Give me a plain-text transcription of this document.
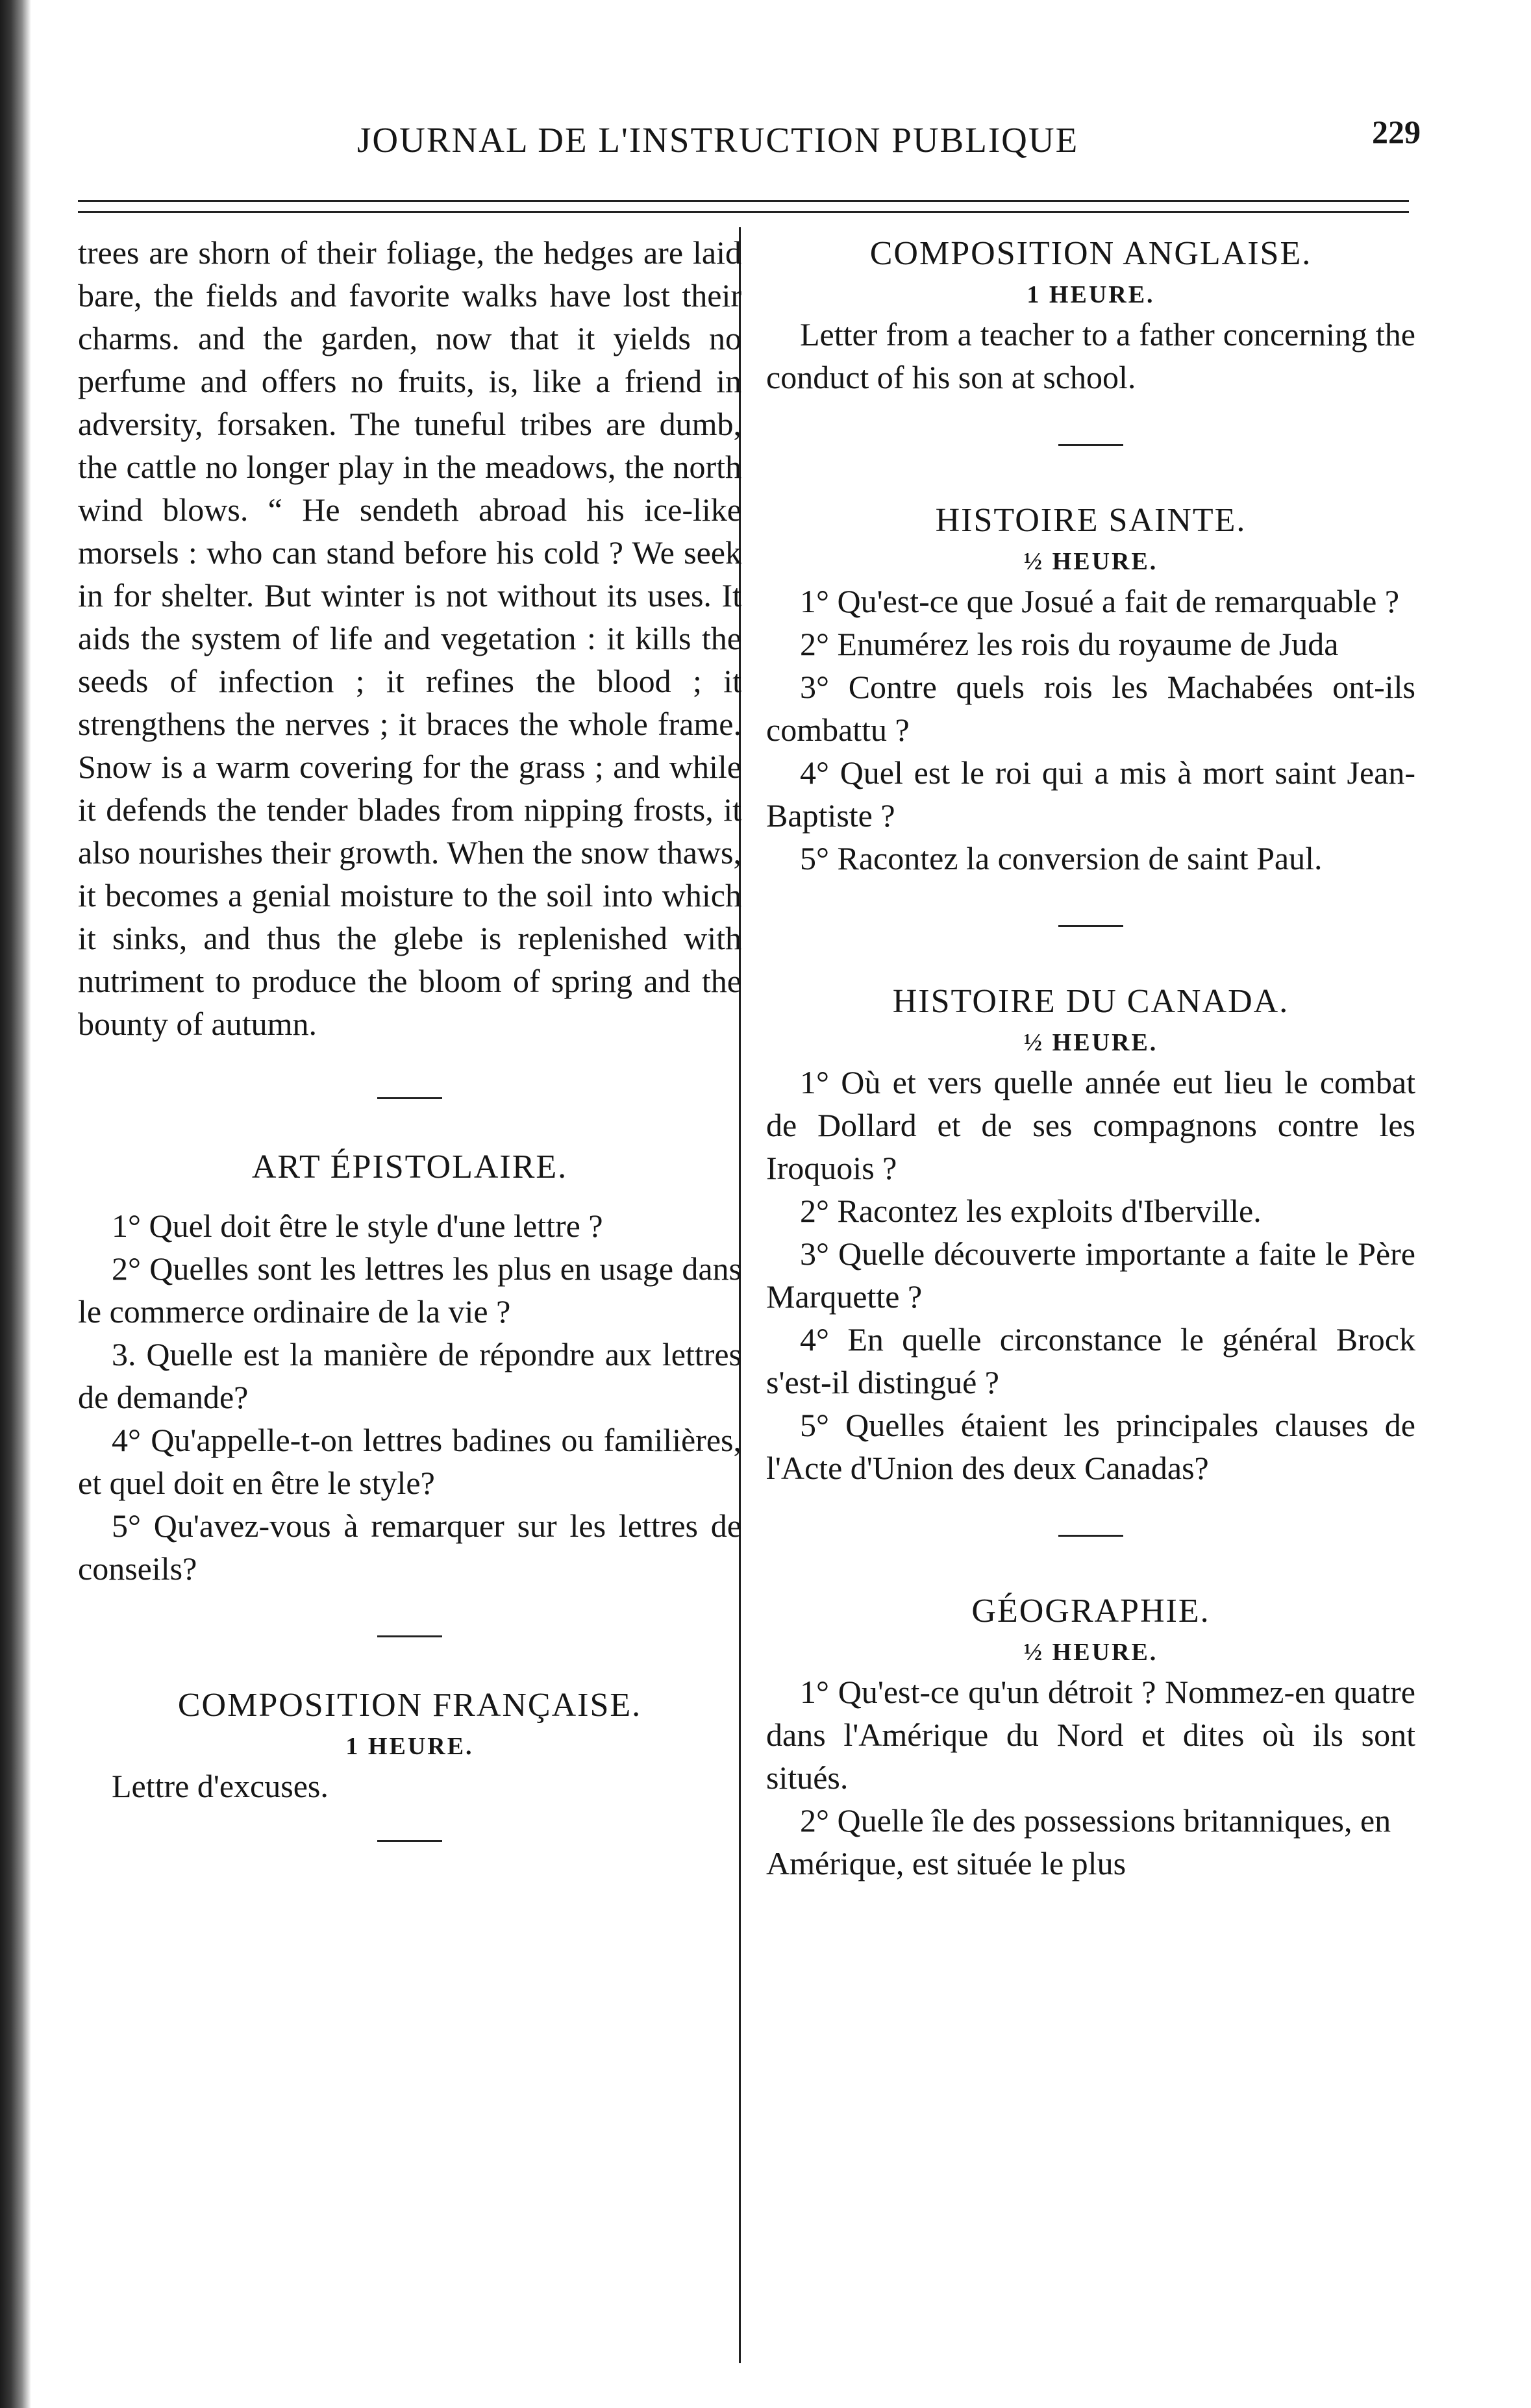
JOURNAL DE L'INSTRUCTION PUBLIQUE	229

trees are shorn of their foliage, the hedges are laid bare, the fields and favorite walks have lost their charms. and the garden, now that it yields no perfume and offers no fruits, is, like a friend in adversity, forsaken. The tuneful tribes are dumb, the cattle no longer play in the meadows, the north wind blows. “ He sendeth abroad his ice-like morsels : who can stand before his cold ? We seek in for shelter. But winter is not without its uses. It aids the system of life and vegetation : it kills the seeds of infection ; it refines the blood ; it strengthens the nerves ; it braces the whole frame. Snow is a warm covering for the grass ; and while it defends the tender blades from nipping frosts, it also nourishes their growth. When the snow thaws, it becomes a genial moisture to the soil into which it sinks, and thus the glebe is replenished with nutriment to produce the bloom of spring and the bounty of autumn.

ART ÉPISTOLAIRE.

1° Quel doit être le style d'une lettre ?

2° Quelles sont les lettres les plus en usage dans le commerce ordinaire de la vie ?

3. Quelle est la manière de répondre aux lettres de demande?

4° Qu'appelle-t-on lettres badines ou familières, et quel doit en être le style?

5° Qu'avez-vous à remarquer sur les lettres de conseils?

COMPOSITION FRANÇAISE.

1 HEURE.

Lettre d'excuses.

COMPOSITION ANGLAISE.

1 HEURE.

Letter from a teacher to a father concerning the conduct of his son at school.

HISTOIRE SAINTE.

½ HEURE.

1° Qu'est-ce que Josué a fait de remarquable ?

2° Enumérez les rois du royaume de Juda

3° Contre quels rois les Machabées ont-ils combattu ?

4° Quel est le roi qui a mis à mort saint Jean-Baptiste ?

5° Racontez la conversion de saint Paul.

HISTOIRE DU CANADA.

½ HEURE.

1° Où et vers quelle année eut lieu le combat de Dollard et de ses compagnons contre les Iroquois ?

2° Racontez les exploits d'Iberville.

3° Quelle découverte importante a faite le Père Marquette ?

4° En quelle circonstance le général Brock s'est-il distingué ?

5° Quelles étaient les principales clauses de l'Acte d'Union des deux Canadas?

GÉOGRAPHIE.

½ HEURE.

1° Qu'est-ce qu'un détroit ? Nommez-en quatre dans l'Amérique du Nord et dites où ils sont situés.

2° Quelle île des possessions britanniques, en Amérique, est située le plus
